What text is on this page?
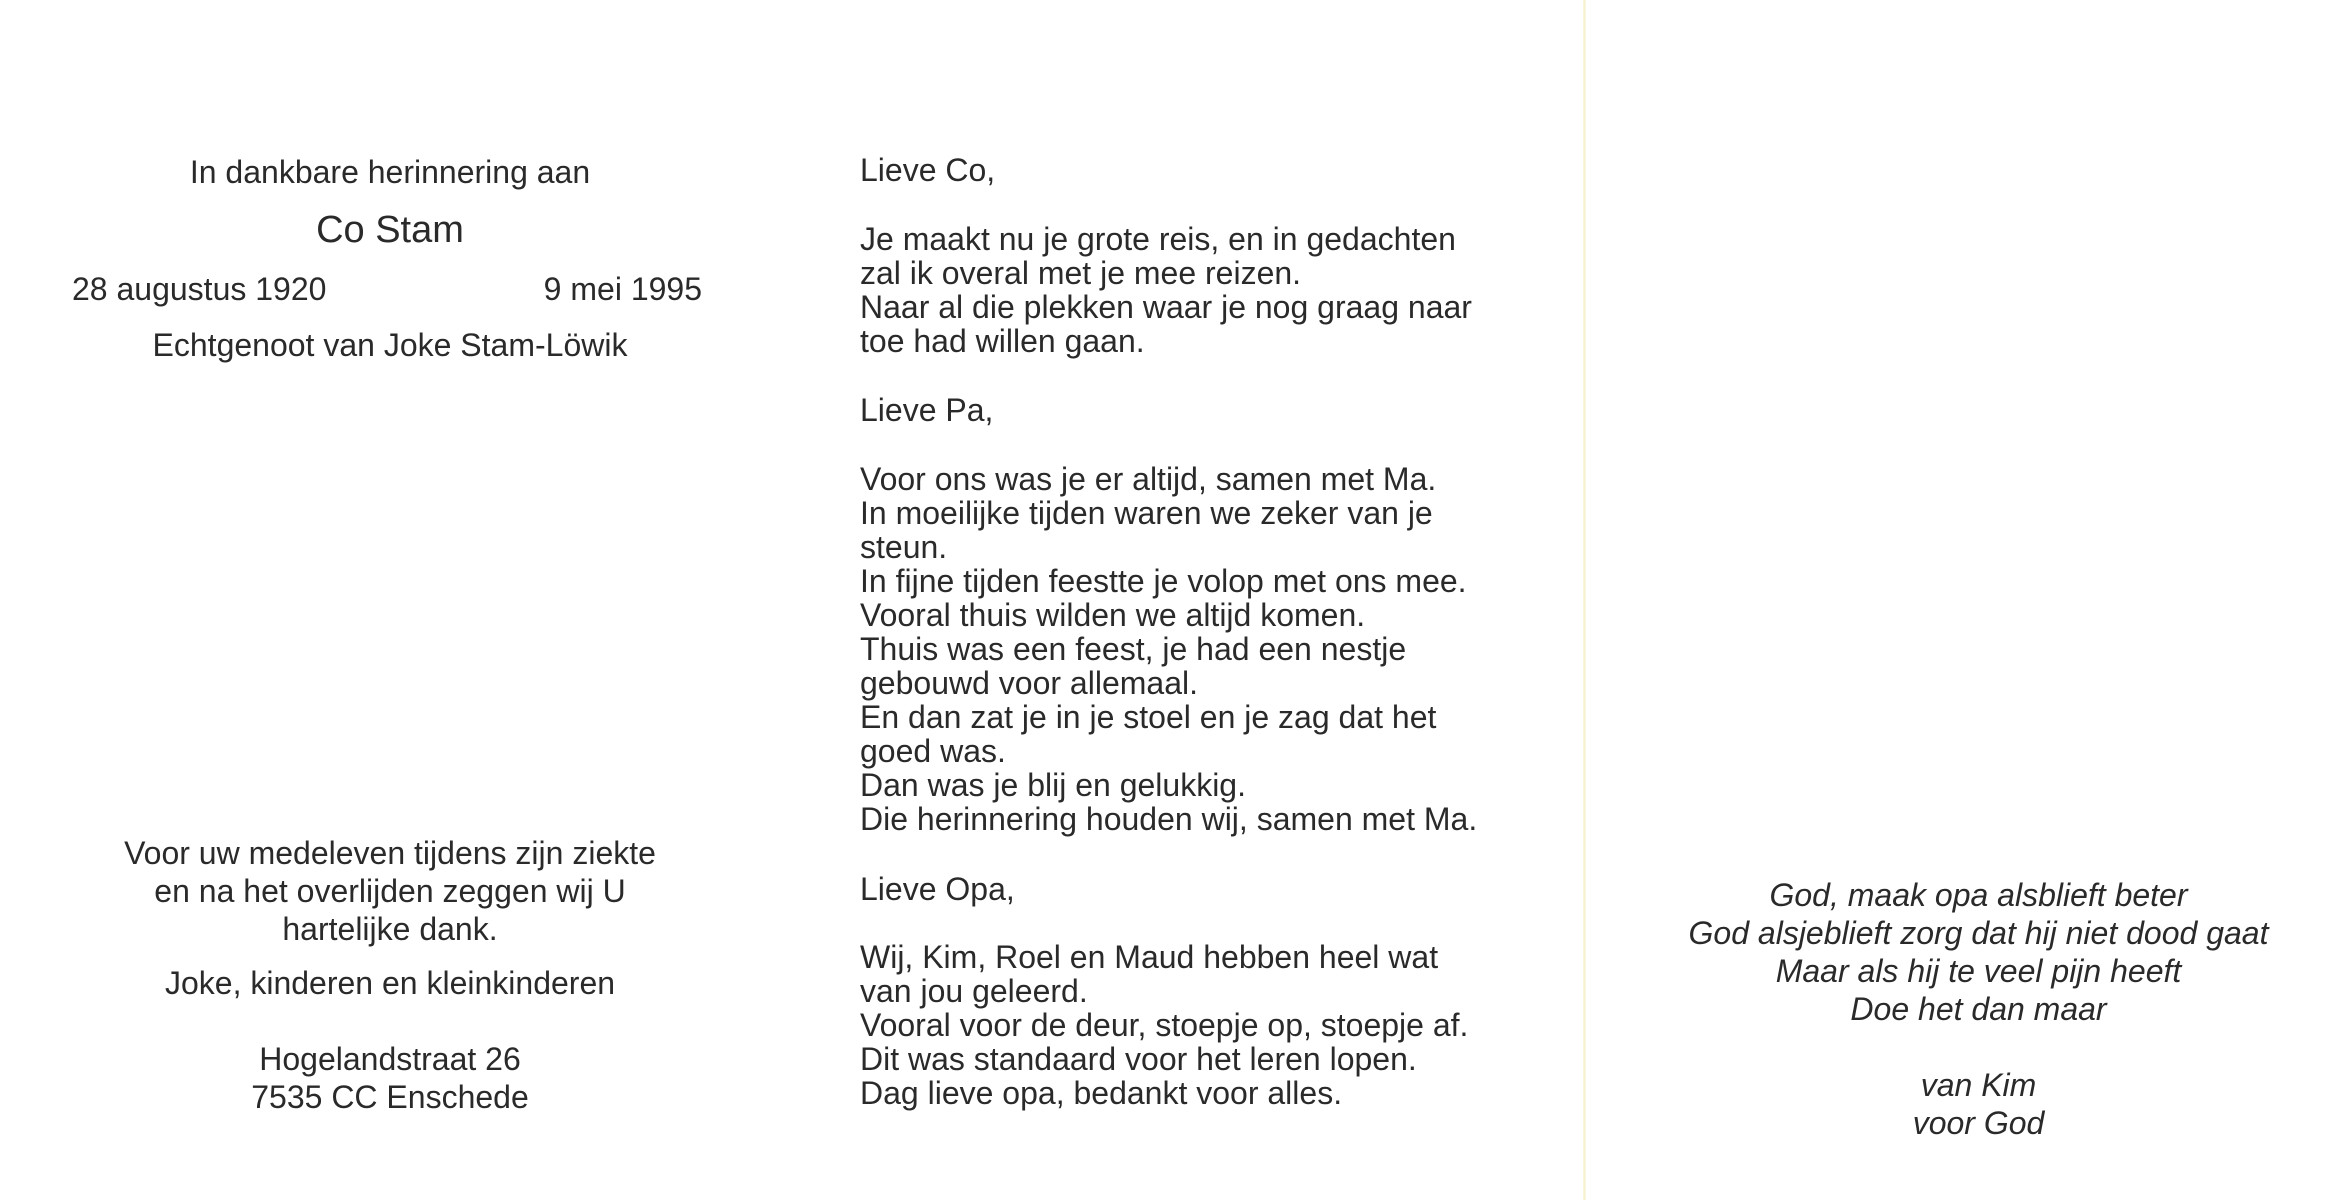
In dankbare herinnering aan
Co Stam
28 augustus 1920	9 mei 1995
Echtgenoot van Joke Stam-Löwik
Voor uw medeleven tijdens zijn ziekte
en na het overlijden zeggen wij U
hartelijke dank.
Joke, kinderen en kleinkinderen
Hogelandstraat 26
7535 CC Enschede
Lieve Co,
Je maakt nu je grote reis, en in gedachten
zal ik overal met je mee reizen.
Naar al die plekken waar je nog graag naar
toe had willen gaan.
Lieve Pa,
Voor ons was je er altijd, samen met Ma.
In moeilijke tijden waren we zeker van je
steun.
In fijne tijden feestte je volop met ons mee.
Vooral thuis wilden we altijd komen.
Thuis was een feest, je had een nestje
gebouwd voor allemaal.
En dan zat je in je stoel en je zag dat het
goed was.
Dan was je blij en gelukkig.
Die herinnering houden wij, samen met Ma.
Lieve Opa,
Wij, Kim, Roel en Maud hebben heel wat
van jou geleerd.
Vooral voor de deur, stoepje op, stoepje af.
Dit was standaard voor het leren lopen.
Dag lieve opa, bedankt voor alles.
God, maak opa alsblieft beter
God alsjeblieft zorg dat hij niet dood gaat
Maar als hij te veel pijn heeft
Doe het dan maar
van Kim
voor God
